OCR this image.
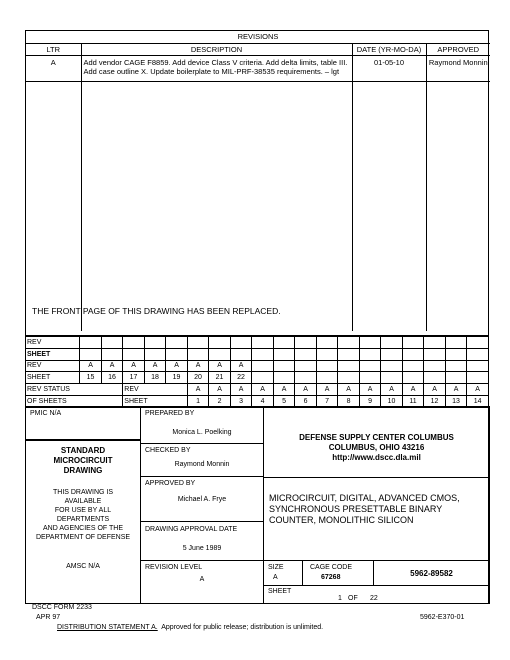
REVISIONS			
LTR	DESCRIPTION	DATE (YR-MO-DA)	APPROVED
A	Add vendor CAGE F8859. Add device Class V criteria. Add delta limits, table III. Add case outline X. Update boilerplate to MIL-PRF-38535 requirements. – lgt	01-05-10	Raymond Monnin

THE FRONT PAGE OF THIS DRAWING HAS BEEN REPLACED.
REV																			
SHEET																			
REV	A	A	A	A	A	A	A	A											
SHEET	15	16	17	18	19	20	21	22											
REV STATUS			REV			A	A	A	A	A	A	A	A	A	A	A	A	A	A
OF SHEETS			SHEET			1	2	3	4	5	6	7	8	9	10	11	12	13	14
PMIC N/A
STANDARD
MICROCIRCUIT
DRAWING
THIS DRAWING IS
AVAILABLE
FOR USE BY ALL
DEPARTMENTS
AND AGENCIES OF THE
DEPARTMENT OF DEFENSE
AMSC N/A
PREPARED BY
Monica L. Poelking
CHECKED BY
Raymond Monnin
APPROVED BY
Michael A. Frye
DRAWING APPROVAL DATE
5 June 1989
REVISION LEVEL
A
DEFENSE SUPPLY CENTER COLUMBUS
COLUMBUS, OHIO 43216
http://www.dscc.dla.mil
MICROCIRCUIT, DIGITAL, ADVANCED CMOS,
SYNCHRONOUS PRESETTABLE BINARY
COUNTER, MONOLITHIC SILICON
SIZE
A
CAGE CODE
67268	5962-89582
SHEET
1 OF 22
DSCC FORM 2233
APR 97
DISTRIBUTION STATEMENT A.  Approved for public release; distribution is unlimited.
5962-E370-01
